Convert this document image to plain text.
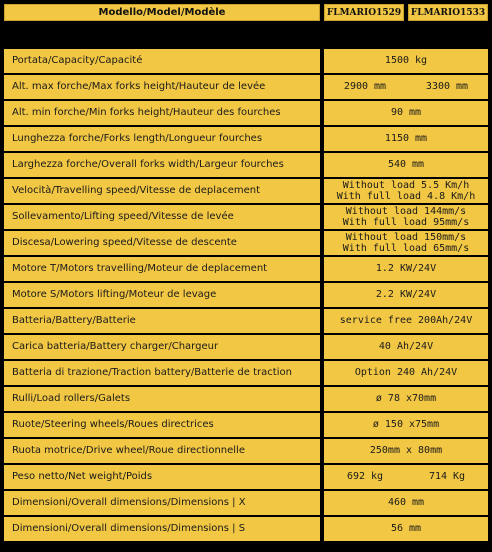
Modello/Model/Modèle	FLMARIO1529	FLMARIO1533
Portata/Capacity/Capacité	1500 kg
Alt. max forche/Max forks height/Hauteur de levée	2900 mm	3300 mm
Alt. min forche/Min forks height/Hauteur des fourches	90 mm
Lunghezza forche/Forks length/Longueur fourches	1150 mm
Larghezza forche/Overall forks width/Largeur fourches	540 mm
Velocità/Travelling speed/Vitesse de deplacement	Without load 5.5 Km/h
With full load 4.8 Km/h
Sollevamento/Lifting speed/Vitesse de levée	Without load 144mm/s
With full load 95mm/s
Discesa/Lowering speed/Vitesse de descente	Without load 150mm/s
With full load 65mm/s
Motore T/Motors travelling/Moteur de deplacement	1.2 KW/24V
Motore S/Motors lifting/Moteur de levage	2.2 KW/24V
Batteria/Battery/Batterie	service free 200Ah/24V
Carica batteria/Battery charger/Chargeur	40 Ah/24V
Batteria di trazione/Traction battery/Batterie de traction	Option 240 Ah/24V
Rulli/Load rollers/Galets	ø 78 x70mm
Ruote/Steering wheels/Roues directrices	ø 150 x75mm
Ruota motrice/Drive wheel/Roue directionnelle	250mm x 80mm
Peso netto/Net weight/Poids	692 kg	714 Kg
Dimensioni/Overall dimensions/Dimensions | X	460 mm
Dimensioni/Overall dimensions/Dimensions | S	56 mm
